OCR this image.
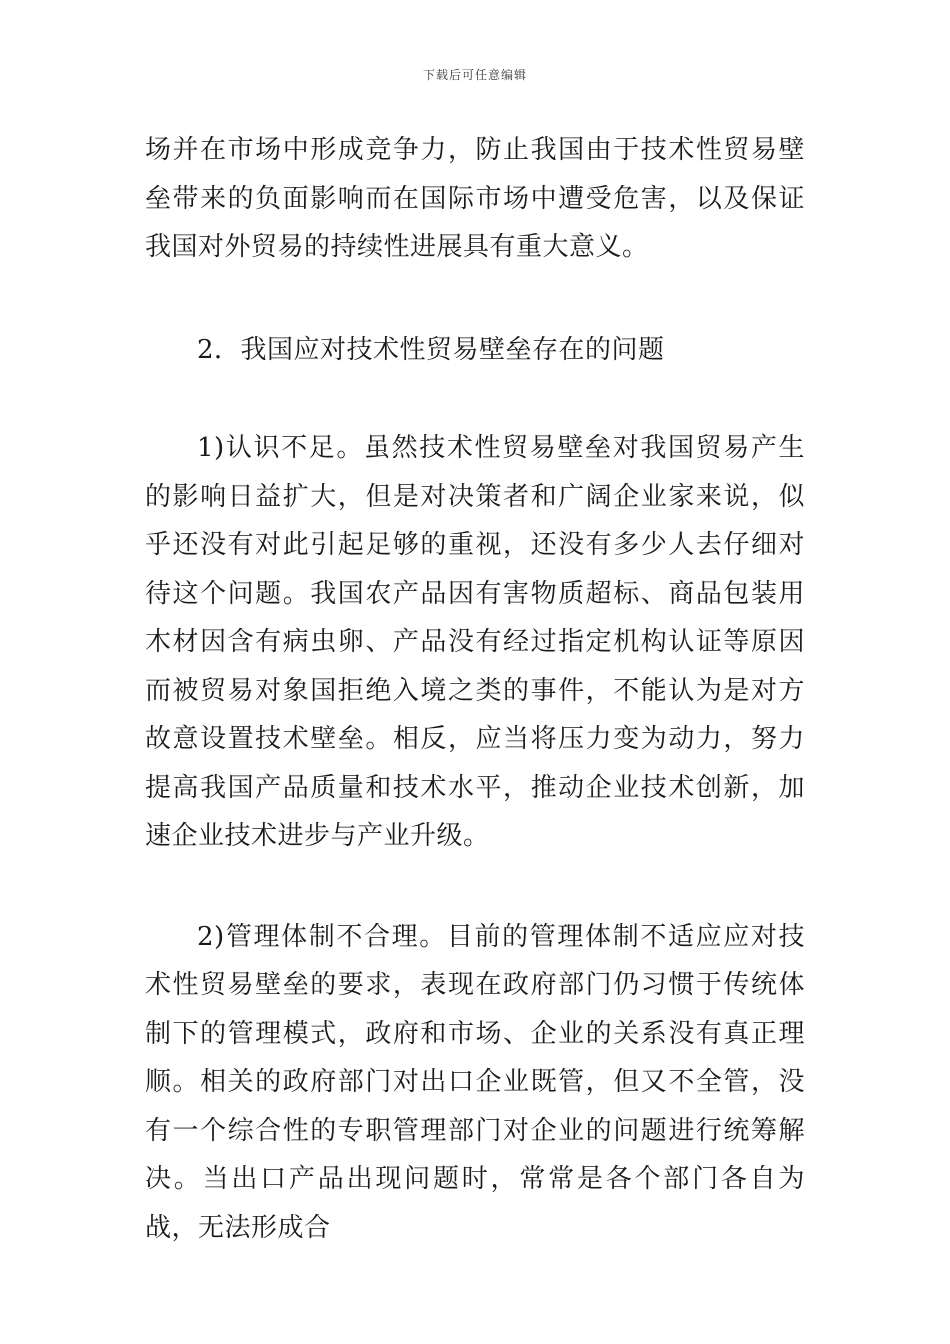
下载后可任意编辑

场并在市场中形成竞争力，防止我国由于技术性贸易壁垒带来的负面影响而在国际市场中遭受危害，以及保证我国对外贸易的持续性进展具有重大意义。

2．我国应对技术性贸易壁垒存在的问题

1)认识不足。虽然技术性贸易壁垒对我国贸易产生的影响日益扩大，但是对决策者和广阔企业家来说，似乎还没有对此引起足够的重视，还没有多少人去仔细对待这个问题。我国农产品因有害物质超标、商品包装用木材因含有病虫卵、产品没有经过指定机构认证等原因而被贸易对象国拒绝入境之类的事件，不能认为是对方故意设置技术壁垒。相反，应当将压力变为动力，努力提高我国产品质量和技术水平，推动企业技术创新，加速企业技术进步与产业升级。

2)管理体制不合理。目前的管理体制不适应应对技术性贸易壁垒的要求，表现在政府部门仍习惯于传统体制下的管理模式，政府和市场、企业的关系没有真正理顺。相关的政府部门对出口企业既管，但又不全管，没有一个综合性的专职管理部门对企业的问题进行统筹解决。当出口产品出现问题时，常常是各个部门各自为战，无法形成合
